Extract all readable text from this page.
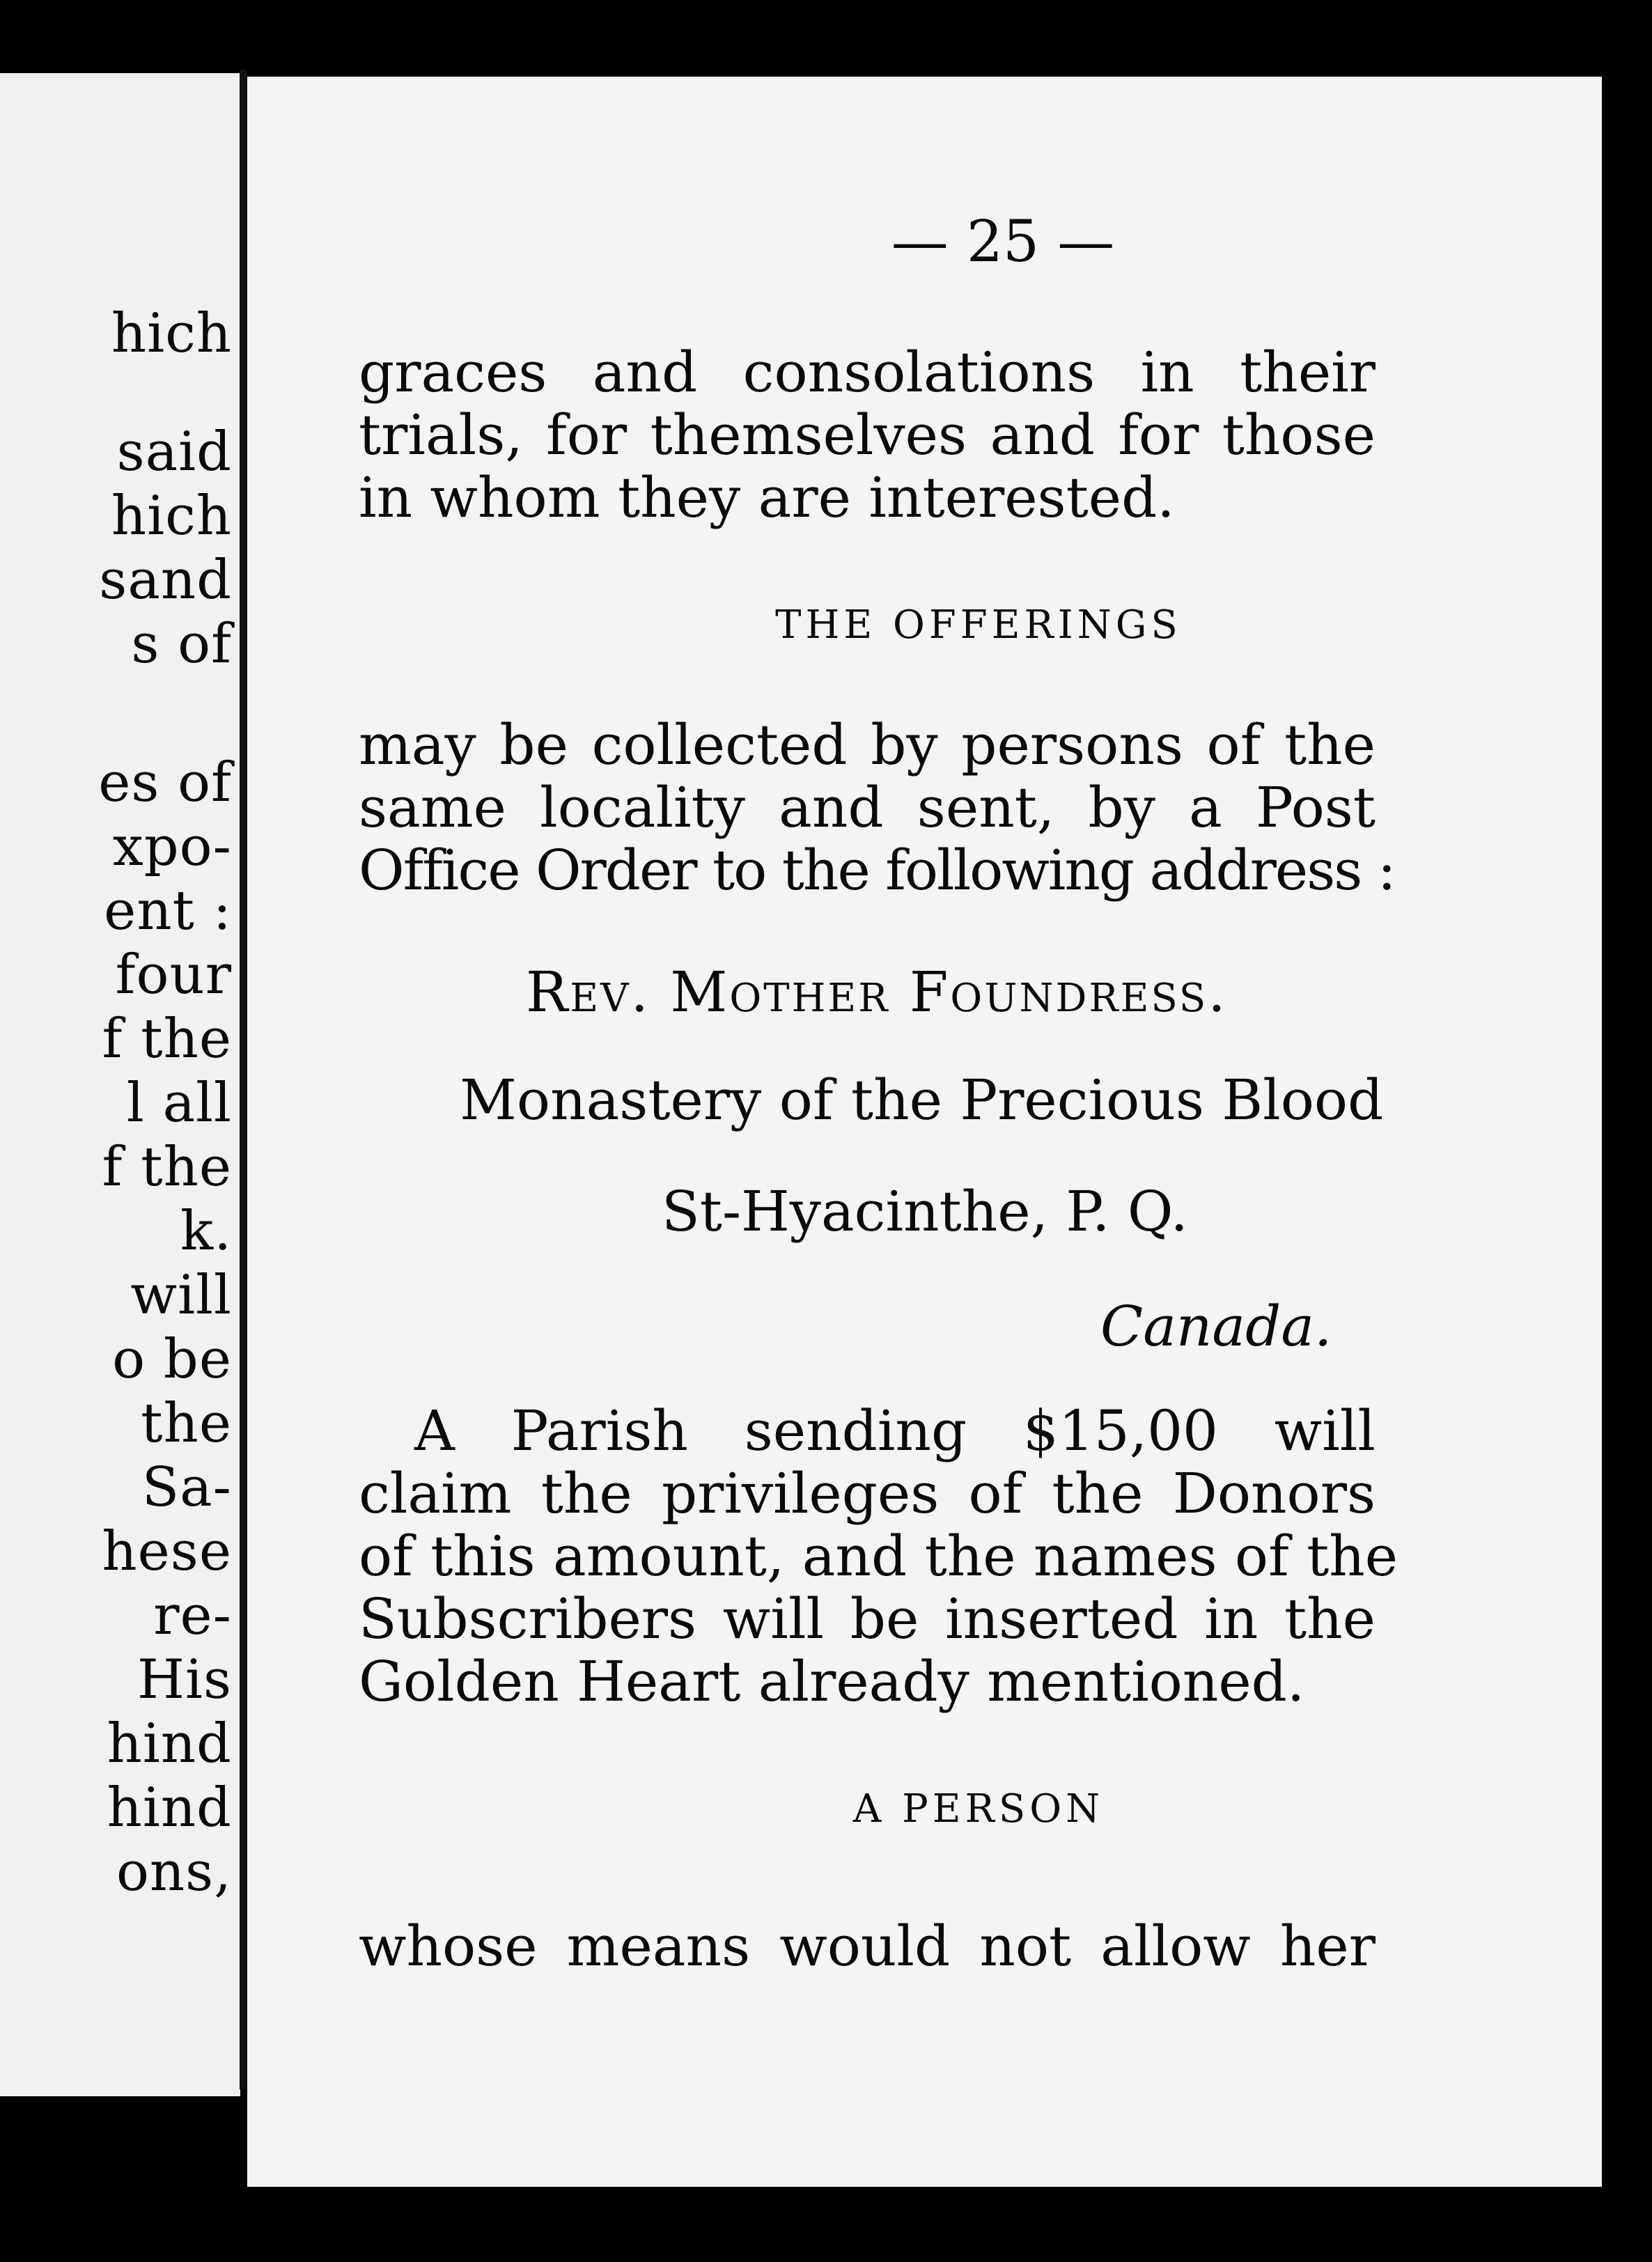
hich
said
hich
sand
s of
es of
xpo-
ent :
four
f the
l all
f the
k.
will
o be
the
Sa-
hese
re-
His
hind
hind
ons,
— 25 —
graces and consolations in their
trials, for themselves and for those
in whom they are interested.
THE OFFERINGS
may be collected by persons of the
same locality and sent, by a Post
Office Order to the following address :
Rev. Mother Foundress.
Monastery of the Precious Blood
St-Hyacinthe, P. Q.
Canada.
A Parish sending $15,00 will
claim the privileges of the Donors
of this amount, and the names of the
Subscribers will be inserted in the
Golden Heart already mentioned.
A PERSON
whose means would not allow her
